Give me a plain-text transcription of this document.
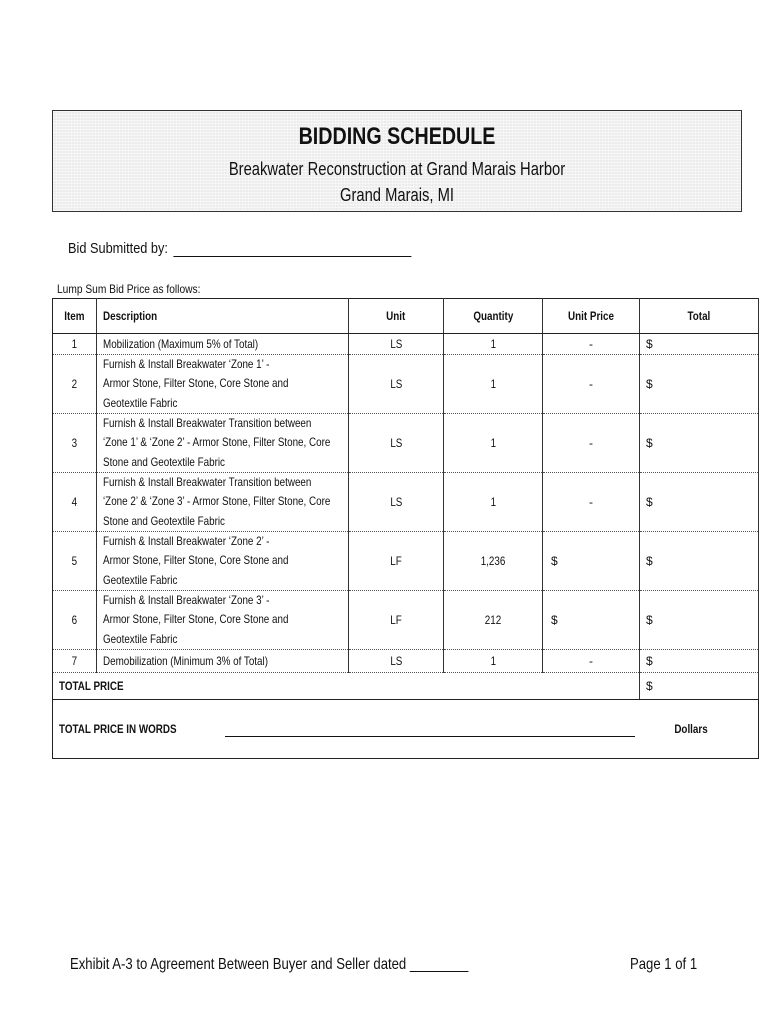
BIDDING SCHEDULE
Breakwater Reconstruction at Grand Marais Harbor
Grand Marais, MI
Bid Submitted by:
Lump Sum Bid Price as follows:
Item	Description	Unit	Quantity	Unit Price	Total
1	Mobilization (Maximum 5% of Total)	LS	1	-	$
2	Furnish & Install Breakwater ‘Zone 1’ -
Armor Stone, Filter Stone, Core Stone and
Geotextile Fabric	LS	1	-	$
3	Furnish & Install Breakwater Transition between
‘Zone 1’ & ‘Zone 2’ - Armor Stone, Filter Stone, Core
Stone and Geotextile Fabric	LS	1	-	$
4	Furnish & Install Breakwater Transition between
‘Zone 2’ & ‘Zone 3’ - Armor Stone, Filter Stone, Core
Stone and Geotextile Fabric	LS	1	-	$
5	Furnish & Install Breakwater ‘Zone 2’ -
Armor Stone, Filter Stone, Core Stone and
Geotextile Fabric	LF	1,236	$	$
6	Furnish & Install Breakwater ‘Zone 3’ -
Armor Stone, Filter Stone, Core Stone and
Geotextile Fabric	LF	212	$	$
7	Demobilization (Minimum 3% of Total)	LS	1	-	$
TOTAL PRICE					$

TOTAL PRICE IN WORDS Dollars					
Exhibit A-3 to Agreement Between Buyer and Seller dated ________	Page 1 of 1
